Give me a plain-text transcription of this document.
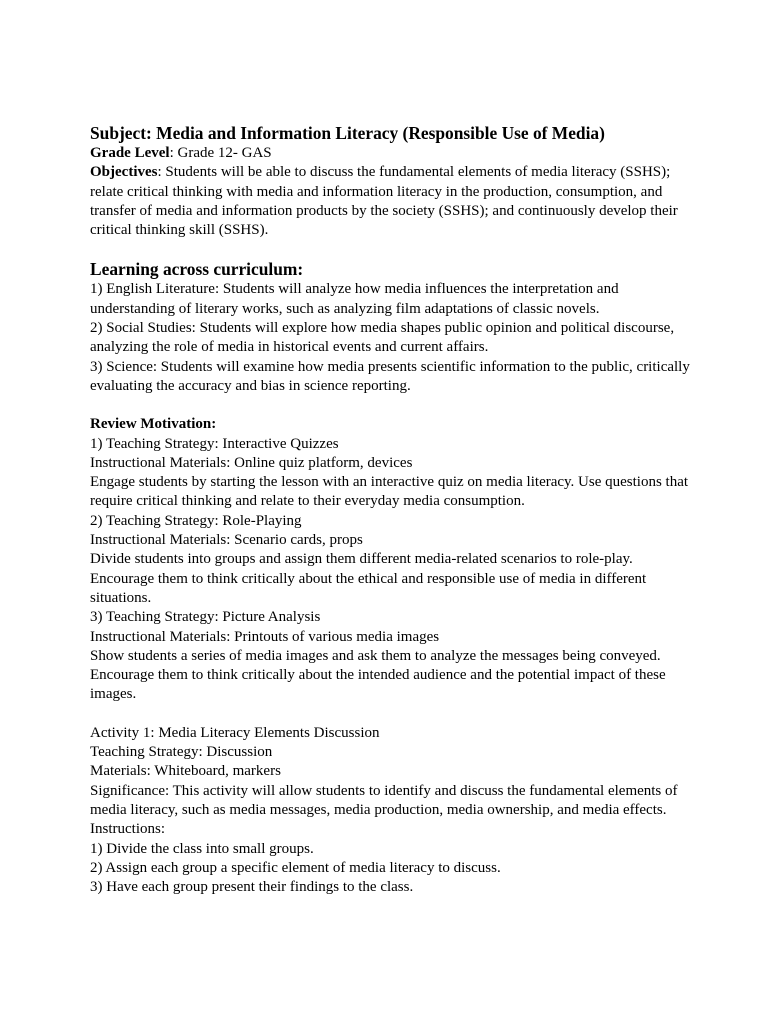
Subject: Media and Information Literacy (Responsible Use of Media)

Grade Level: Grade 12- GAS

Objectives: Students will be able to discuss the fundamental elements of media literacy (SSHS); relate critical thinking with media and information literacy in the production, consumption, and transfer of media and information products by the society (SSHS); and continuously develop their critical thinking skill (SSHS).

Learning across curriculum:

1) English Literature: Students will analyze how media influences the interpretation and understanding of literary works, such as analyzing film adaptations of classic novels.

2) Social Studies: Students will explore how media shapes public opinion and political discourse, analyzing the role of media in historical events and current affairs.

3) Science: Students will examine how media presents scientific information to the public, critically evaluating the accuracy and bias in science reporting.

Review Motivation:

1) Teaching Strategy: Interactive Quizzes

Instructional Materials: Online quiz platform, devices

Engage students by starting the lesson with an interactive quiz on media literacy. Use questions that require critical thinking and relate to their everyday media consumption.

2) Teaching Strategy: Role-Playing

Instructional Materials: Scenario cards, props

Divide students into groups and assign them different media-related scenarios to role-play. Encourage them to think critically about the ethical and responsible use of media in different situations.

3) Teaching Strategy: Picture Analysis

Instructional Materials: Printouts of various media images

Show students a series of media images and ask them to analyze the messages being conveyed. Encourage them to think critically about the intended audience and the potential impact of these images.

Activity 1: Media Literacy Elements Discussion

Teaching Strategy: Discussion

Materials: Whiteboard, markers

Significance: This activity will allow students to identify and discuss the fundamental elements of media literacy, such as media messages, media production, media ownership, and media effects.

Instructions:

1) Divide the class into small groups.

2) Assign each group a specific element of media literacy to discuss.

3) Have each group present their findings to the class.
